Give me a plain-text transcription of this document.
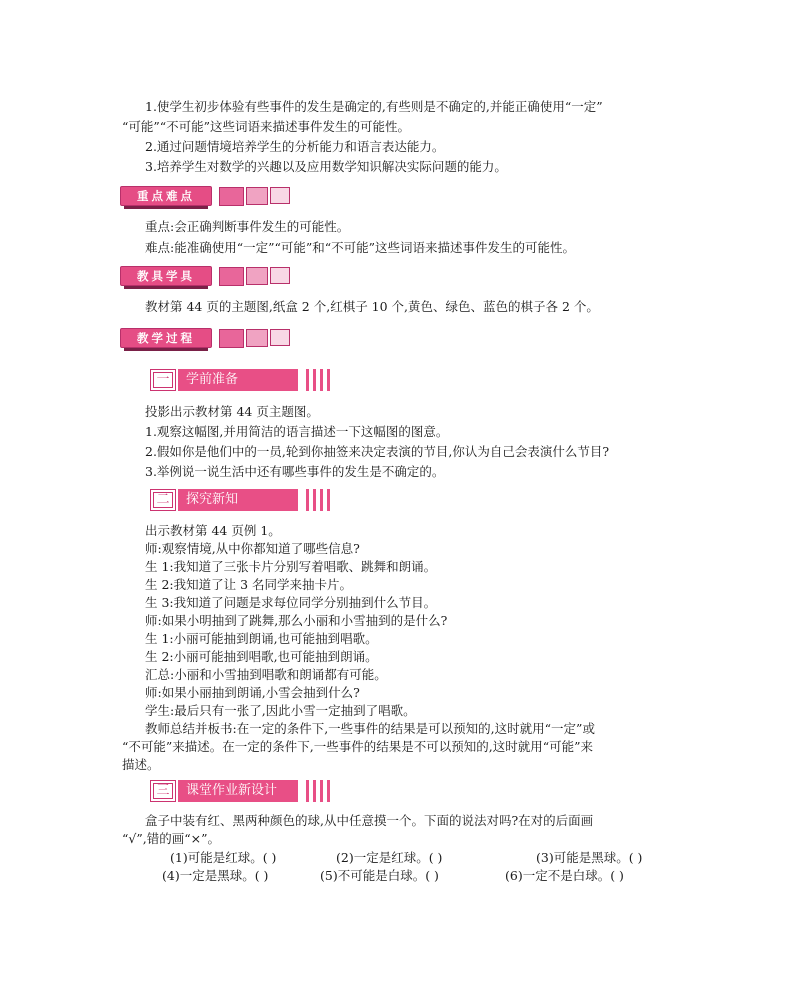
1.使学生初步体验有些事件的发生是确定的,有些则是不确定的,并能正确使用“一定”
“可能”“不可能”这些词语来描述事件发生的可能性。
2.通过问题情境培养学生的分析能力和语言表达能力。
3.培养学生对数学的兴趣以及应用数学知识解决实际问题的能力。
重点难点
重点:会正确判断事件发生的可能性。
难点:能准确使用“一定”“可能”和“不可能”这些词语来描述事件发生的可能性。
教具学具
教材第 44 页的主题图,纸盒 2 个,红棋子 10 个,黄色、绿色、蓝色的棋子各 2 个。
教学过程
一	学前准备
投影出示教材第 44 页主题图。
1.观察这幅图,并用简洁的语言描述一下这幅图的图意。
2.假如你是他们中的一员,轮到你抽签来决定表演的节目,你认为自己会表演什么节目?
3.举例说一说生活中还有哪些事件的发生是不确定的。
二	探究新知
出示教材第 44 页例 1。
师:观察情境,从中你都知道了哪些信息?
生 1:我知道了三张卡片分别写着唱歌、跳舞和朗诵。
生 2:我知道了让 3 名同学来抽卡片。
生 3:我知道了问题是求每位同学分别抽到什么节目。
师:如果小明抽到了跳舞,那么小丽和小雪抽到的是什么?
生 1:小丽可能抽到朗诵,也可能抽到唱歌。
生 2:小丽可能抽到唱歌,也可能抽到朗诵。
汇总:小丽和小雪抽到唱歌和朗诵都有可能。
师:如果小丽抽到朗诵,小雪会抽到什么?
学生:最后只有一张了,因此小雪一定抽到了唱歌。
教师总结并板书:在一定的条件下,一些事件的结果是可以预知的,这时就用“一定”或
“不可能”来描述。在一定的条件下,一些事件的结果是不可以预知的,这时就用“可能”来
描述。
三	课堂作业新设计
盒子中装有红、黑两种颜色的球,从中任意摸一个。下面的说法对吗?在对的后面画
“√”,错的画“×”。
(1)可能是红球。( )	(2)一定是红球。( )	(3)可能是黑球。( )
(4)一定是黑球。( )	(5)不可能是白球。( )	(6)一定不是白球。( )
